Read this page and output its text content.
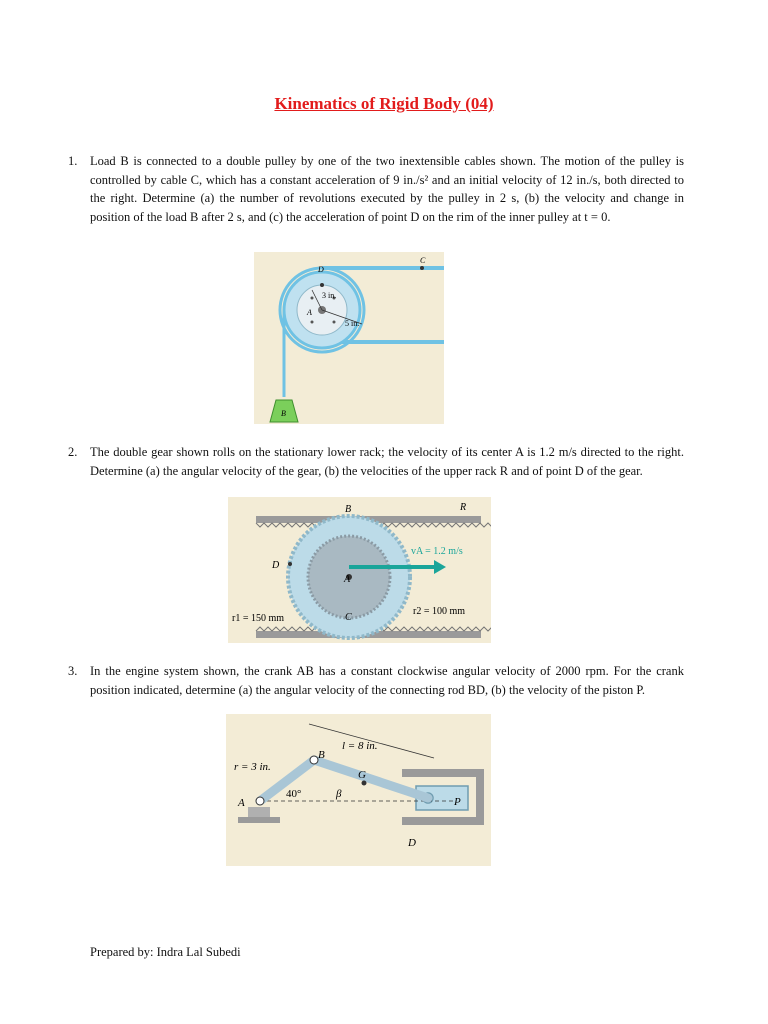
Kinematics of Rigid Body (04)
1.	Load B is connected to a double pulley by one of the two inextensible cables shown. The motion of the pulley is controlled by cable C, which has a constant acceleration of 9 in./s² and an initial velocity of 12 in./s, both directed to the right. Determine (a) the number of revolutions executed by the pulley in 2 s, (b) the velocity and change in position of the load B after 2 s, and (c) the acceleration of point D on the rim of the inner pulley at t = 0.
D
C
A
B
3 in.
5 in.
2.	The double gear shown rolls on the stationary lower rack; the velocity of its center A is 1.2 m/s directed to the right. Determine (a) the angular velocity of the gear, (b) the velocities of the upper rack R and of point D of the gear.
R
B
D
A
C
vA = 1.2 m/s
r1 = 150 mm
r2 = 100 mm
3.	In the engine system shown, the crank AB has a constant clockwise angular velocity of 2000 rpm. For the crank position indicated, determine (a) the angular velocity of the connecting rod BD, (b) the velocity of the piston P.
l = 8 in.
r = 3 in.
B
G
A
40°	β
P
D
Prepared by: Indra Lal Subedi
